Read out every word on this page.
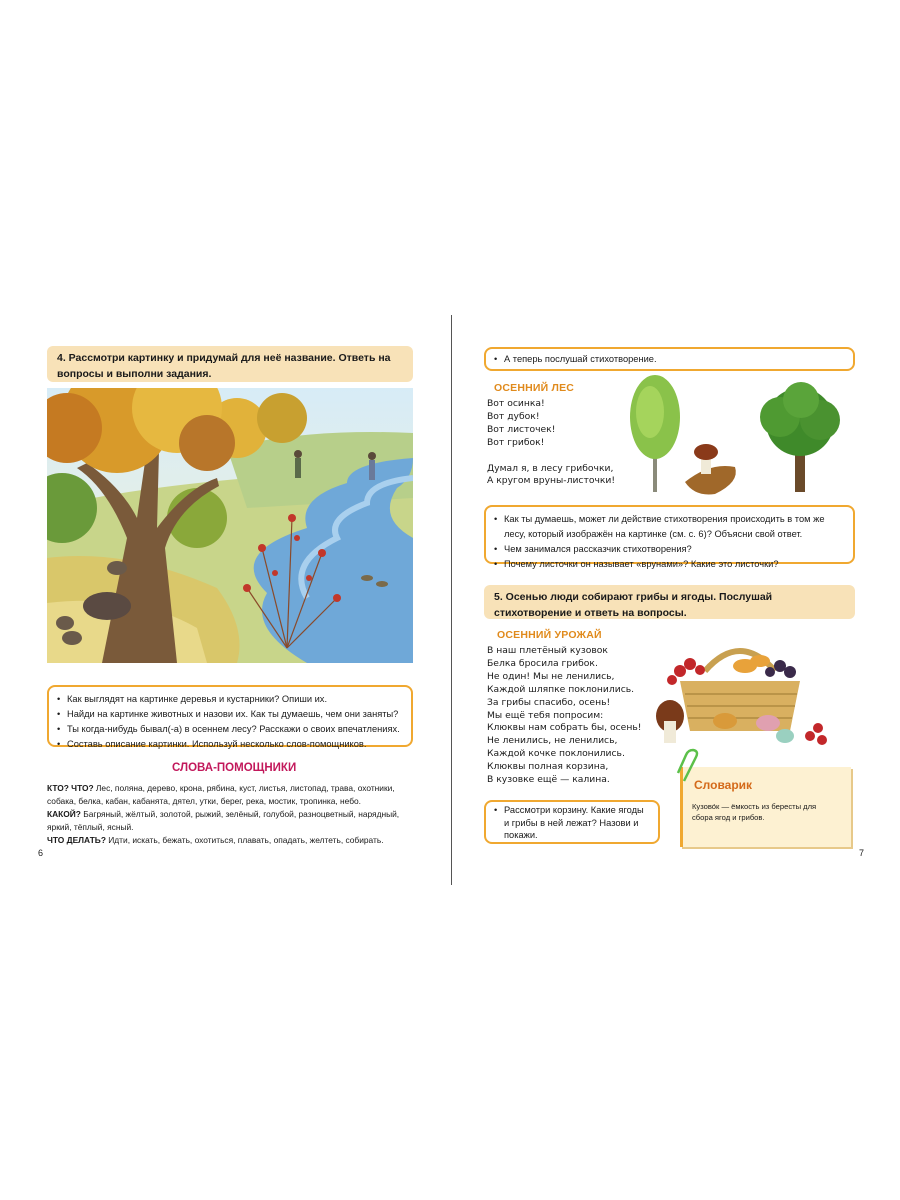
4. Рассмотри картинку и придумай для неё название. Ответь на вопросы и выполни задания.
• Как выглядят на картинке деревья и кустарники? Опиши их.
• Найди на картинке животных и назови их. Как ты думаешь, чем они заняты?
• Ты когда-нибудь бывал(-а) в осеннем лесу? Расскажи о своих впечатлениях.
• Составь описание картинки. Используй несколько слов-помощников.
СЛОВА-ПОМОЩНИКИ
КТО? ЧТО? Лес, поляна, дерево, крона, рябина, куст, листья, листопад, трава, охотники, собака, белка, кабан, кабанята, дятел, утки, берег, река, мостик, тропинка, небо.
КАКОЙ? Багряный, жёлтый, золотой, рыжий, зелёный, голубой, разноцветный, нарядный, яркий, тёплый, ясный.
ЧТО ДЕЛАТЬ? Идти, искать, бежать, охотиться, плавать, опадать, желтеть, собирать.
6
• А теперь послушай стихотворение.
ОСЕННИЙ ЛЕС
Вот осинка!
Вот дубок!
Вот листочек!
Вот грибок!
Думал я, в лесу грибочки,
А кругом вруны-листочки!
• Как ты думаешь, может ли действие стихотворения происходить в том же лесу, который изображён на картинке (см. с. 6)? Объясни свой ответ.
• Чем занимался рассказчик стихотворения?
• Почему листочки он называет «врунами»? Какие это листочки?
5. Осенью люди собирают грибы и ягоды. Послушай стихотворение и ответь на вопросы.
ОСЕННИЙ УРОЖАЙ
В наш плетёный кузовок
Белка бросила грибок.
Не один! Мы не ленились,
Каждой шляпке поклонились.
За грибы спасибо, осень!
Мы ещё тебя попросим:
Клюквы нам собрать бы, осень!
Не ленились, не ленились,
Каждой кочке поклонились.
Клюквы полная корзина,
В кузовке ещё — калина.	Словарик
Кузово́к — ёмкость из бересты для сбора ягод и грибов.
• Рассмотри корзину. Какие ягоды и грибы в ней лежат? Назови и покажи.
7
